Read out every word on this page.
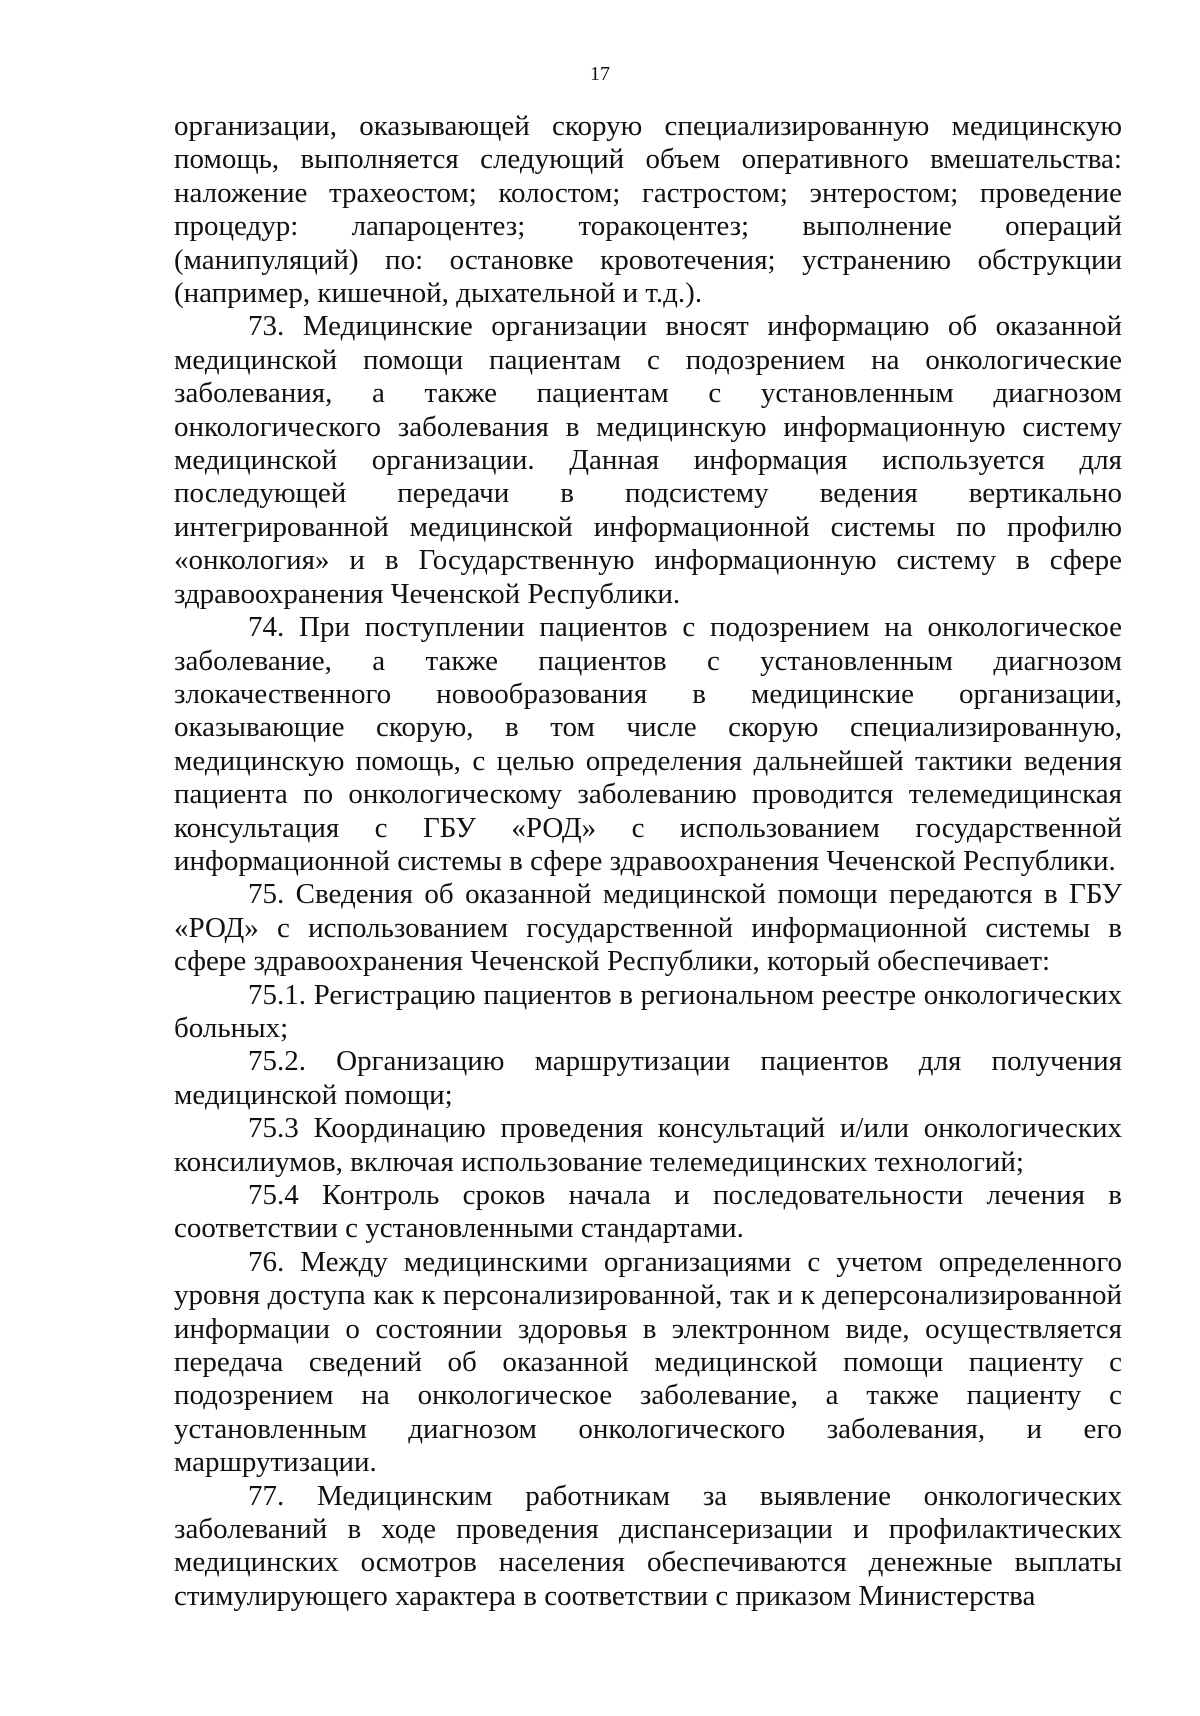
17

организации, оказывающей скорую специализированную медицинскую помощь, выполняется следующий объем оперативного вмешательства: наложение трахеостом; колостом; гастростом; энтеростом; проведение процедур: лапароцентез; торакоцентез; выполнение операций (манипуляций) по: остановке кровотечения; устранению обструкции (например, кишечной, дыхательной и т.д.).

73. Медицинские организации вносят информацию об оказанной медицинской помощи пациентам с подозрением на онкологические заболевания, а также пациентам с установленным диагнозом онкологического заболевания в медицинскую информационную систему медицинской организации. Данная информация используется для последующей передачи в подсистему ведения вертикально интегрированной медицинской информационной системы по профилю «онкология» и в Государственную информационную систему в сфере здравоохранения Чеченской Республики.

74. При поступлении пациентов с подозрением на онкологическое заболевание, а также пациентов с установленным диагнозом злокачественного новообразования в медицинские организации, оказывающие скорую, в том числе скорую специализированную, медицинскую помощь, с целью определения дальнейшей тактики ведения пациента по онкологическому заболеванию проводится телемедицинская консультация с ГБУ «РОД» с использованием государственной информационной системы в сфере здравоохранения Чеченской Республики.

75. Сведения об оказанной медицинской помощи передаются в ГБУ «РОД» с использованием государственной информационной системы в сфере здравоохранения Чеченской Республики, который обеспечивает:

75.1. Регистрацию пациентов в региональном реестре онкологических больных;

75.2. Организацию маршрутизации пациентов для получения медицинской помощи;

75.3 Координацию проведения консультаций и/или онкологических консилиумов, включая использование телемедицинских технологий;

75.4 Контроль сроков начала и последовательности лечения в соответствии с установленными стандартами.

76. Между медицинскими организациями с учетом определенного уровня доступа как к персонализированной, так и к деперсонализированной информации о состоянии здоровья в электронном виде, осуществляется передача сведений об оказанной медицинской помощи пациенту с подозрением на онкологическое заболевание, а также пациенту с установленным диагнозом онкологического заболевания, и его маршрутизации.

77. Медицинским работникам за выявление онкологических заболеваний в ходе проведения диспансеризации и профилактических медицинских осмотров населения обеспечиваются денежные выплаты стимулирующего характера в соответствии с приказом Министерства
